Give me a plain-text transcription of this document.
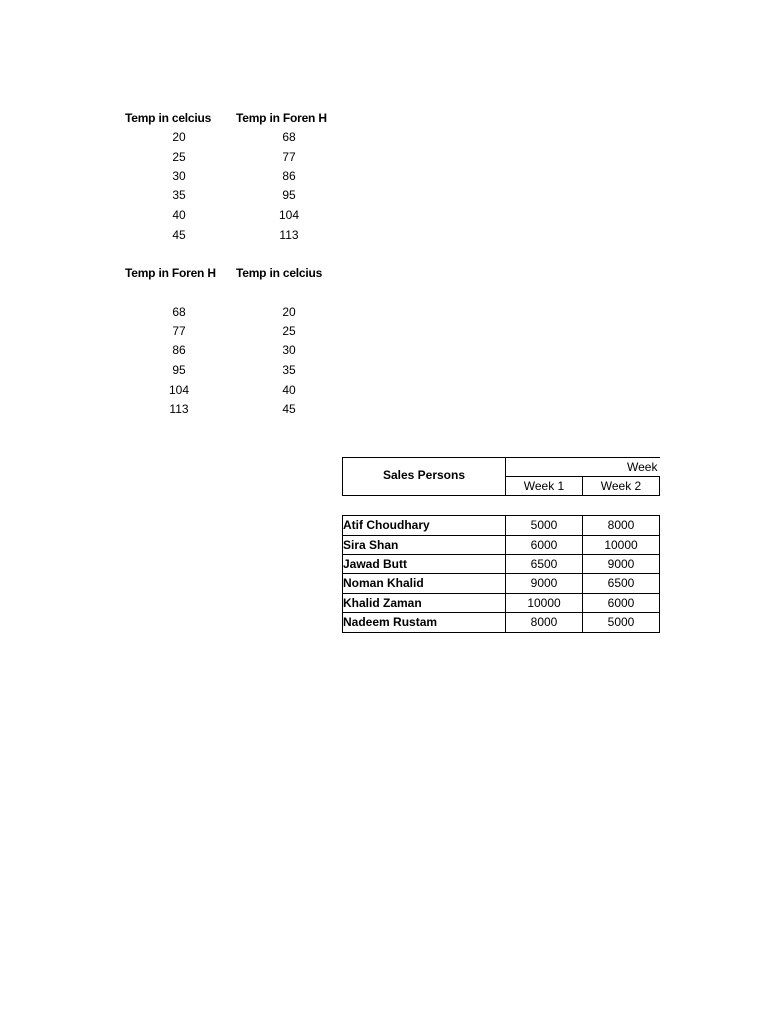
Temp in celcius Temp in Foren H
20	68
25	77
30	86
35	95
40	104
45	113
Temp in Foren H Temp in celcius
68	20
77	25
86	30
95	35
104	40
113	45
Sales Persons
Week
Week 1	Week 2
Atif Choudhary	5000	8000
Sira Shan	6000	10000
Jawad Butt	6500	9000
Noman Khalid	9000	6500
Khalid Zaman	10000	6000
Nadeem Rustam	8000	5000
